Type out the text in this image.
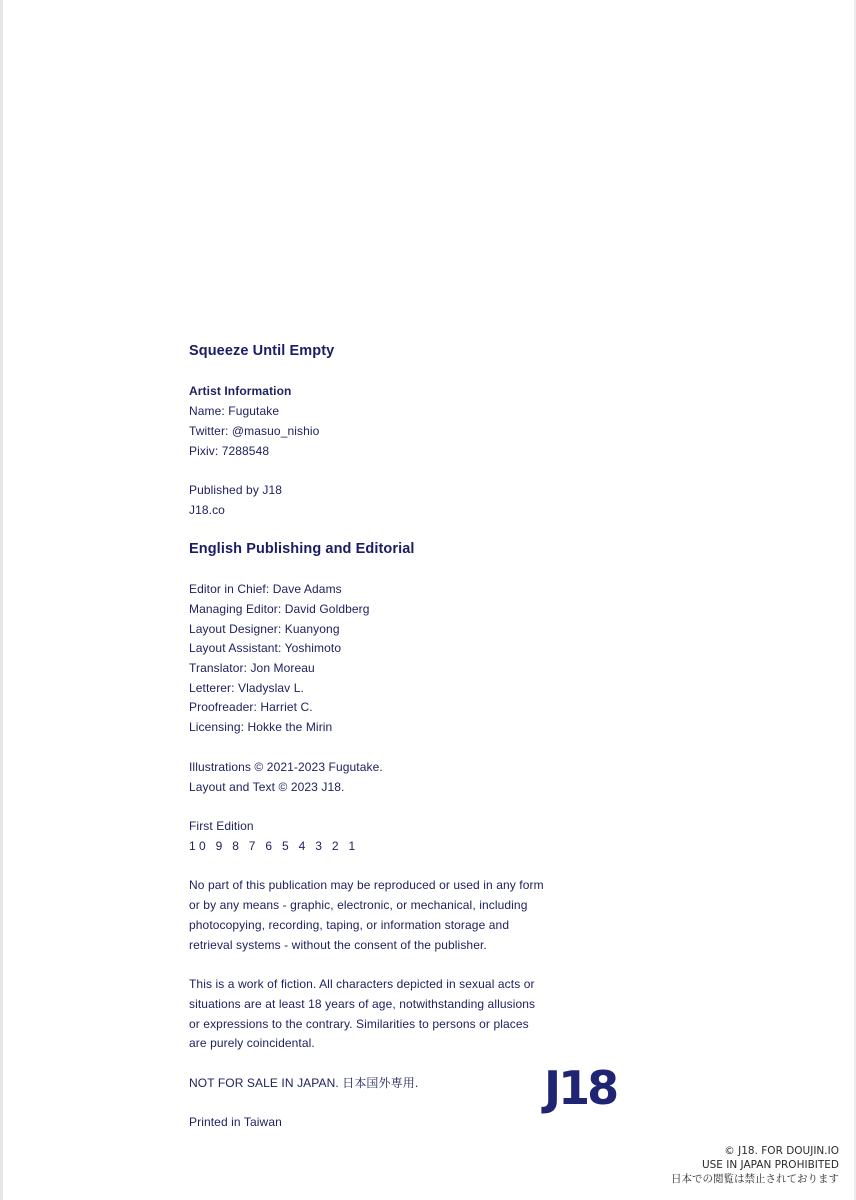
Squeeze Until Empty
Artist Information
Name: Fugutake
Twitter: @masuo_nishio
Pixiv: 7288548
Published by J18
J18.co
English Publishing and Editorial
Editor in Chief: Dave Adams
Managing Editor: David Goldberg
Layout Designer: Kuanyong
Layout Assistant: Yoshimoto
Translator: Jon Moreau
Letterer: Vladyslav L.
Proofreader: Harriet C.
Licensing: Hokke the Mirin
Illustrations © 2021-2023 Fugutake.
Layout and Text © 2023 J18.
First Edition
10 9 8 7 6 5 4 3 2 1
No part of this publication may be reproduced or used in any form
or by any means - graphic, electronic, or mechanical, including
photocopying, recording, taping, or information storage and
retrieval systems - without the consent of the publisher.
This is a work of fiction. All characters depicted in sexual acts or
situations are at least 18 years of age, notwithstanding allusions
or expressions to the contrary. Similarities to persons or places
are purely coincidental.
NOT FOR SALE IN JAPAN. 日本国外専用.
Printed in Taiwan
J18
© J18. FOR DOUJIN.IO
USE IN JAPAN PROHIBITED
日本での閲覧は禁止されております
